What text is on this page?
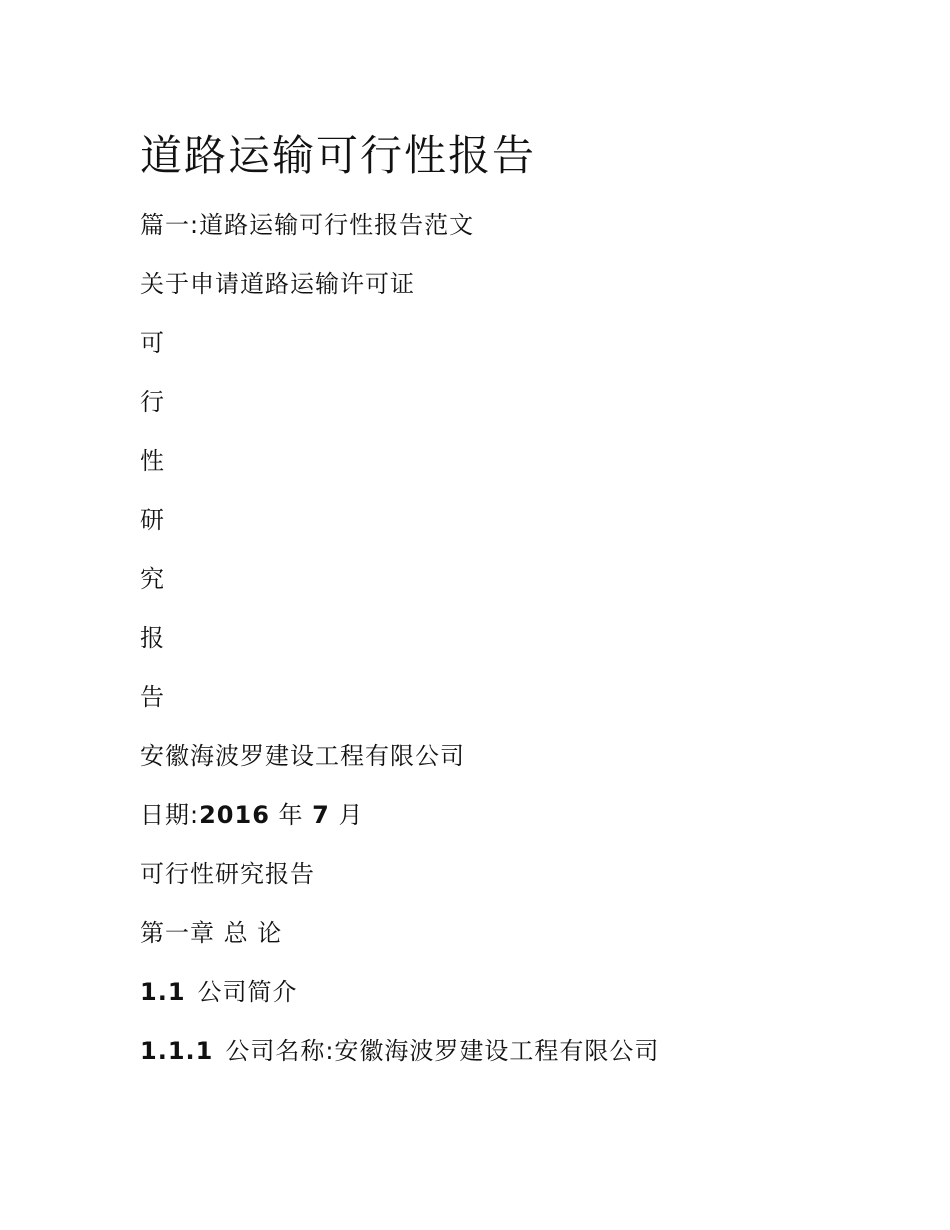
道路运输可行性报告
篇一:道路运输可行性报告范文
关于申请道路运输许可证
可
行
性
研
究
报
告
安徽海波罗建设工程有限公司
日期:2016 年 7 月
可行性研究报告
第一章 总 论
1.1 公司简介
1.1.1 公司名称:安徽海波罗建设工程有限公司
